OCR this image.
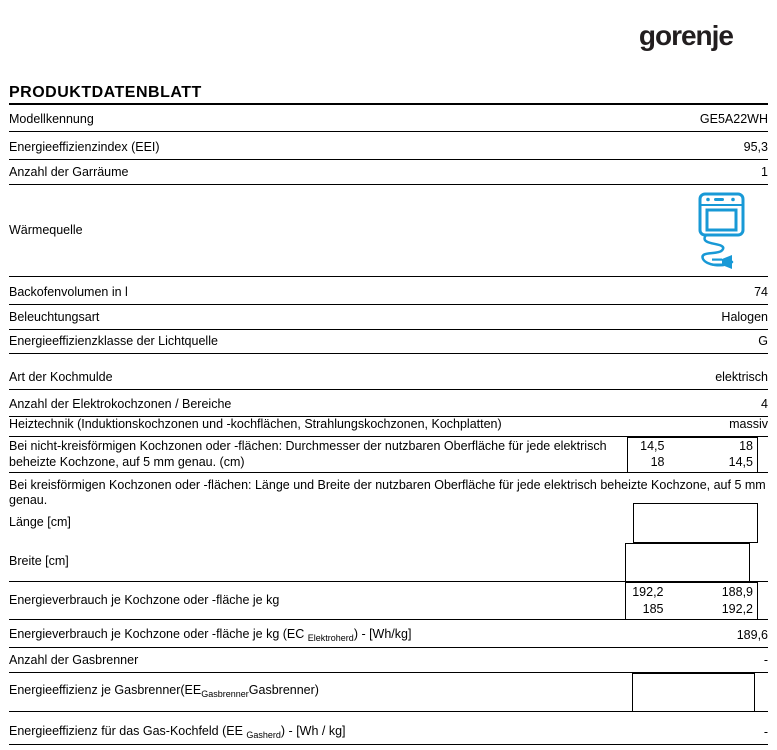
gorenje
PRODUKTDATENBLATT
Modellkennung	GE5A22WH
Energieeffizienzindex (EEI)	95,3
Anzahl der Garräume	1
Wärmequelle
Backofenvolumen in l	74
Beleuchtungsart	Halogen
Energieeffizienzklasse der Lichtquelle	G
Art der Kochmulde	elektrisch
Anzahl der Elektrokochzonen / Bereiche	4
Heiztechnik (Induktionskochzonen und -kochflächen, Strahlungskochzonen, Kochplatten)	massiv
Bei nicht-kreisförmigen Kochzonen oder -flächen: Durchmesser der nutzbaren Oberfläche für jede elektrisch beheizte Kochzone, auf 5 mm genau. (cm)
14,5	18
18	14,5
Bei kreisförmigen Kochzonen oder -flächen: Länge und Breite der nutzbaren Oberfläche für jede elektrisch beheizte Kochzone, auf 5 mm genau.
Länge [cm]
Breite [cm]
Energieverbrauch je Kochzone oder -fläche je kg
192,2	188,9
185	192,2
Energieverbrauch je Kochzone oder -fläche je kg (EC $_{Elektroherd}$) - [Wh/kg]	189,6
Anzahl der Gasbrenner	-
Energieeffizienz je $Gasbrenner(EE_{Gasbrenner}Gasbrenner)$
Energieeffizienz für das Gas-Kochfeld (EE $_{Gasherd}$) - [Wh / kg]	-
